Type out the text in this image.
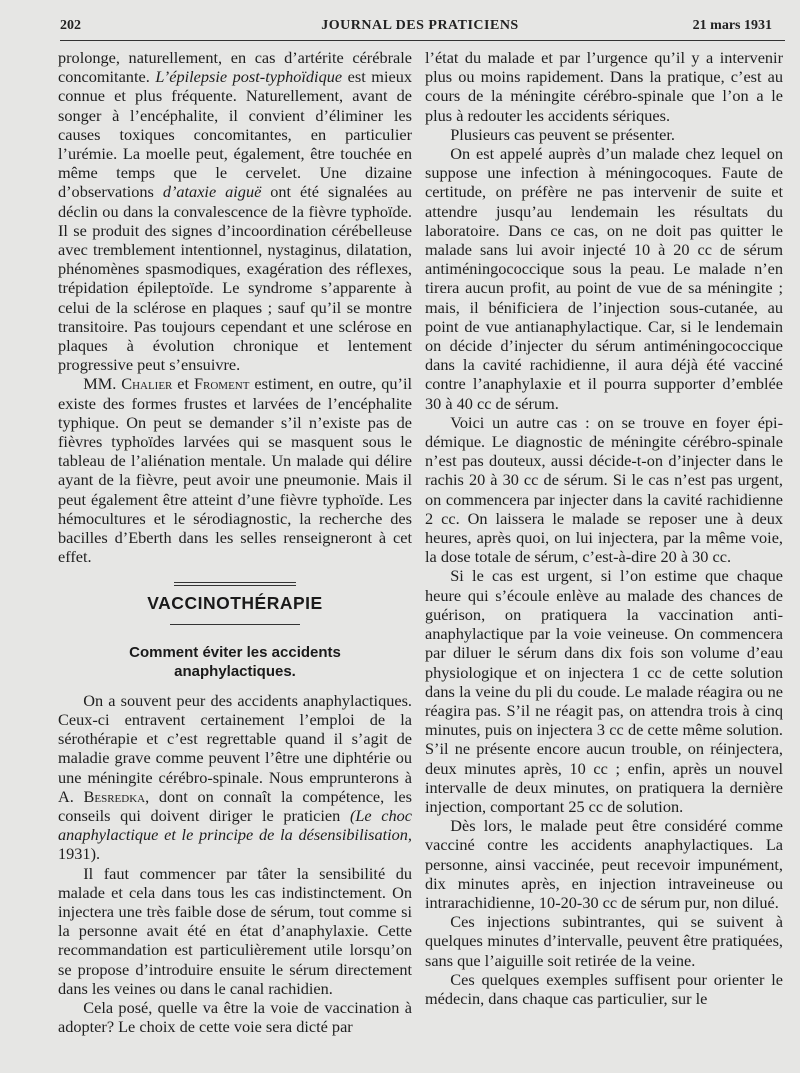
202	JOURNAL DES PRATICIENS	21 mars 1931

prolonge, naturellement, en cas d’artérite cérébrale concomitante. L’épilepsie post-typhoïdique est mieux connue et plus fréquente. Naturellement, avant de songer à l’encéphalite, il convient d’éliminer les causes toxiques concomitantes, en particulier l’urémie. La moelle peut, également, être touchée en même temps que le cervelet. Une dizaine d’observations d’ataxie aiguë ont été signalées au déclin ou dans la convalescence de la fièvre typhoïde. Il se produit des signes d’incoordination cérébelleuse avec tremblement intentionnel, nystaginus, dilatation, phénomènes spasmodiques, exagération des réflexes, trépidation épileptoïde. Le syndrome s’apparente à celui de la sclérose en plaques ; sauf qu’il se montre transitoire. Pas toujours cependant et une sclérose en plaques à évolution chronique et lentement progressive peut s’ensuivre.

MM. Chalier et Froment estiment, en outre, qu’il existe des formes frustes et larvées de l’encéphalite typhique. On peut se demander s’il n’existe pas de fièvres typhoïdes larvées qui se masquent sous le tableau de l’aliénation mentale. Un malade qui délire ayant de la fièvre, peut avoir une pneumonie. Mais il peut également être atteint d’une fièvre typhoïde. Les hémocultures et le sérodiagnostic, la recherche des bacilles d’Eberth dans les selles renseigneront à cet effet.

VACCINOTHÉRAPIE
Comment éviter les accidents
anaphylactiques.

On a souvent peur des accidents anaphylactiques. Ceux-ci entravent certainement l’emploi de la sérothérapie et c’est regrettable quand il s’agit de maladie grave comme peuvent l’être une diphtérie ou une méningite cérébro-spinale. Nous emprunterons à A. Besredka, dont on connaît la compétence, les conseils qui doivent diriger le praticien (Le choc anaphylactique et le principe de la désensibilisation, 1931).

Il faut commencer par tâter la sensibilité du malade et cela dans tous les cas indistinctement. On injectera une très faible dose de sérum, tout comme si la personne avait été en état d’anaphylaxie. Cette recommandation est particulièrement utile lorsqu’on se propose d’introduire ensuite le sérum directement dans les veines ou dans le canal rachidien.

Cela posé, quelle va être la voie de vaccination à adopter? Le choix de cette voie sera dicté par

l’état du malade et par l’urgence qu’il y a intervenir plus ou moins rapidement. Dans la pratique, c’est au cours de la méningite cérébro-spinale que l’on a le plus à redouter les accidents sériques.

Plusieurs cas peuvent se présenter.

On est appelé auprès d’un malade chez lequel on suppose une infection à méningocoques. Faute de certitude, on préfère ne pas intervenir de suite et attendre jusqu’au lendemain les résultats du laboratoire. Dans ce cas, on ne doit pas quitter le malade sans lui avoir injecté 10 à 20 cc de sérum antiméningococcique sous la peau. Le malade n’en tirera aucun profit, au point de vue de sa méningite ; mais, il bénificiera de l’injection sous-cutanée, au point de vue antianaphylactique. Car, si le lendemain on décide d’injecter du sérum antiméningococcique dans la cavité rachidienne, il aura déjà été vacciné contre l’anaphylaxie et il pourra supporter d’emblée 30 à 40 cc de sérum.

Voici un autre cas : on se trouve en foyer épidémique. Le diagnostic de méningite cérébro-spinale n’est pas douteux, aussi décide-t-on d’injecter dans le rachis 20 à 30 cc de sérum. Si le cas n’est pas urgent, on commencera par injecter dans la cavité rachidienne 2 cc. On laissera le malade se reposer une à deux heures, après quoi, on lui injectera, par la même voie, la dose totale de sérum, c’est-à-dire 20 à 30 cc.

Si le cas est urgent, si l’on estime que chaque heure qui s’écoule enlève au malade des chances de guérison, on pratiquera la vaccination antianaphylactique par la voie veineuse. On commencera par diluer le sérum dans dix fois son volume d’eau physiologique et on injectera 1 cc de cette solution dans la veine du pli du coude. Le malade réagira ou ne réagira pas. S’il ne réagit pas, on attendra trois à cinq minutes, puis on injectera 3 cc de cette même solution. S’il ne présente encore aucun trouble, on réinjectera, deux minutes après, 10 cc ; enfin, après un nouvel intervalle de deux minutes, on pratiquera la dernière injection, comportant 25 cc de solution.

Dès lors, le malade peut être considéré comme vacciné contre les accidents anaphylactiques. La personne, ainsi vaccinée, peut recevoir impunément, dix minutes après, en injection intraveineuse ou intrarachidienne, 10-20-30 cc de sérum pur, non dilué.

Ces injections subintrantes, qui se suivent à quelques minutes d’intervalle, peuvent être pratiquées, sans que l’aiguille soit retirée de la veine.

Ces quelques exemples suffisent pour orienter le médecin, dans chaque cas particulier, sur le
